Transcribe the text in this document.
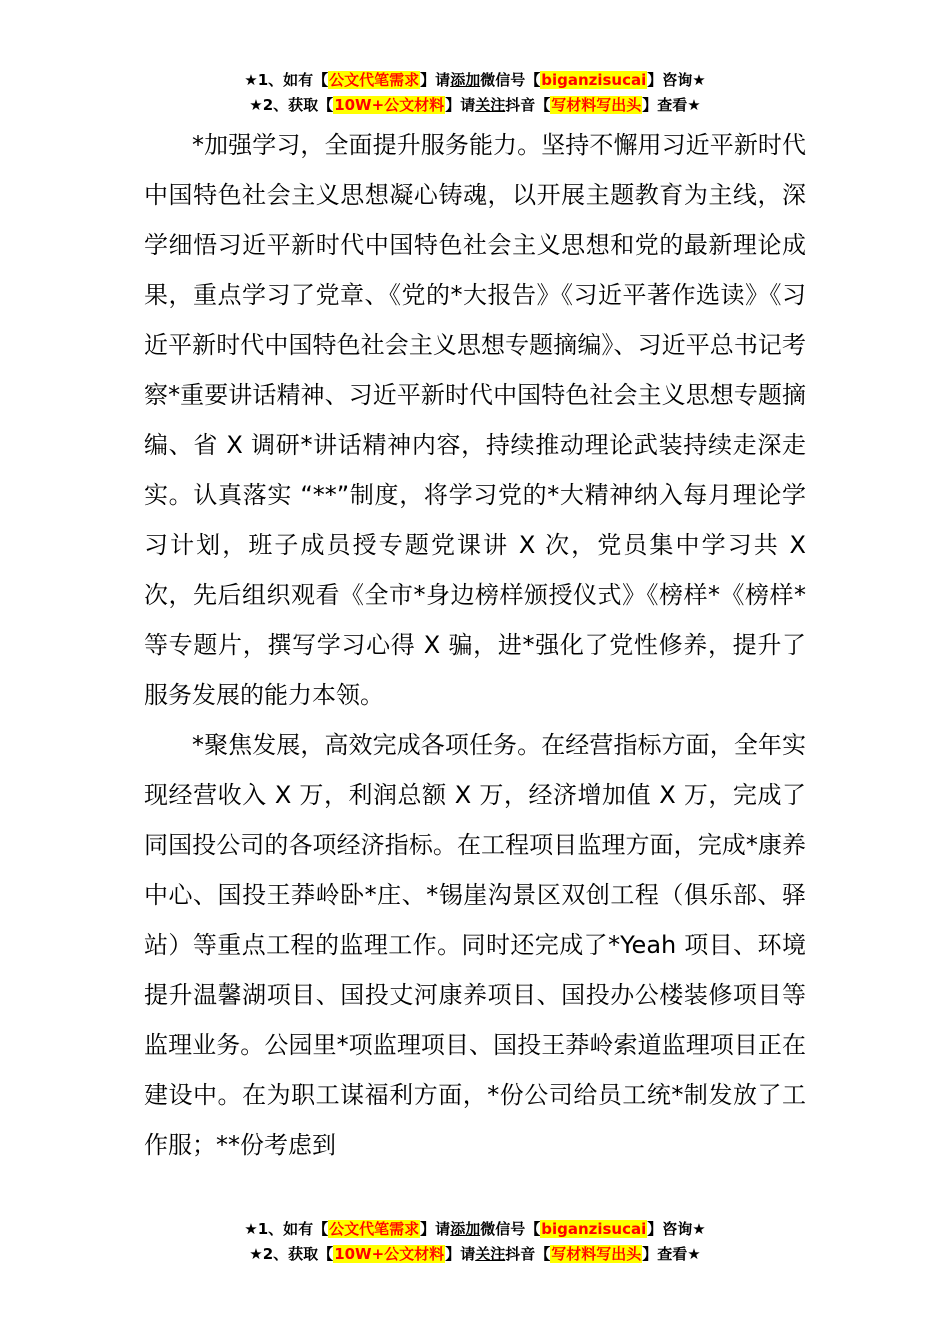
★1、如有【公文代笔需求】请添加微信号【biganzisucai】咨询★
★2、获取【10W+公文材料】请关注抖音【写材料写出头】查看★

*加强学习，全面提升服务能力。坚持不懈用习近平新时代中国特色社会主义思想凝心铸魂，以开展主题教育为主线，深学细悟习近平新时代中国特色社会主义思想和党的最新理论成果，重点学习了党章、《党的*大报告》《习近平著作选读》《习近平新时代中国特色社会主义思想专题摘编》、习近平总书记考察*重要讲话精神、习近平新时代中国特色社会主义思想专题摘编、省 X 调研*讲话精神内容，持续推动理论武装持续走深走实。认真落实 “**”制度，将学习党的*大精神纳入每月理论学习计划，班子成员授专题党课讲 X 次，党员集中学习共 X 次，先后组织观看《全市*身边榜样颁授仪式》《榜样*《榜样*等专题片，撰写学习心得 X 骗，进*强化了党性修养，提升了服务发展的能力本领。

*聚焦发展，高效完成各项任务。在经营指标方面，全年实现经营收入 X 万，利润总额 X 万，经济增加值 X 万，完成了同国投公司的各项经济指标。在工程项目监理方面，完成*康养中心、国投王莽岭卧*庄、*锡崖沟景区双创工程（俱乐部、驿站）等重点工程的监理工作。同时还完成了*Yeah 项目、环境提升温馨湖项目、国投丈河康养项目、国投办公楼装修项目等监理业务。公园里*项监理项目、国投王莽岭索道监理项目正在建设中。在为职工谋福利方面，*份公司给员工统*制发放了工作服；**份考虑到

★1、如有【公文代笔需求】请添加微信号【biganzisucai】咨询★
★2、获取【10W+公文材料】请关注抖音【写材料写出头】查看★
